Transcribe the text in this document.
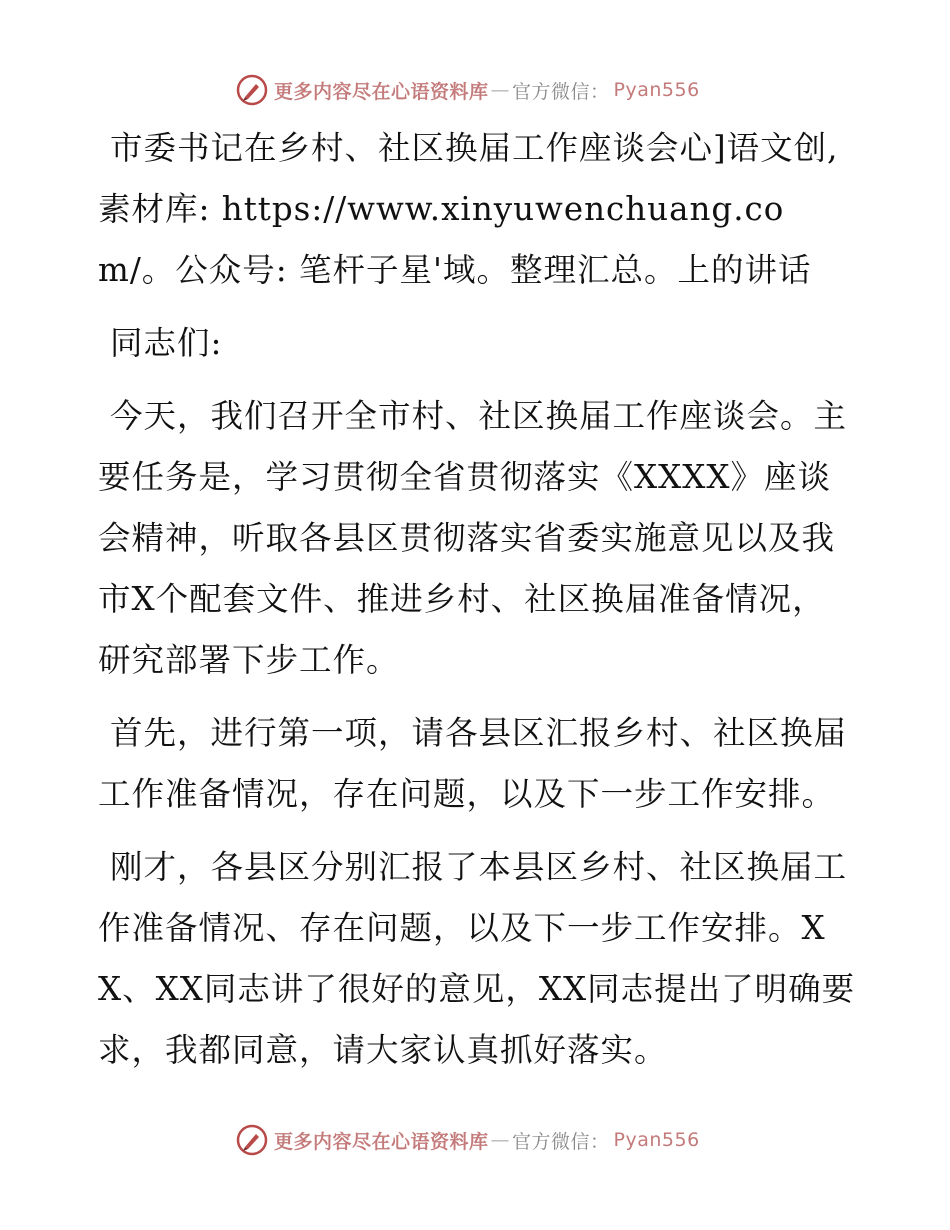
更多内容尽在心语资料库 — 官方微信： Pyan556

市委书记在乡村、社区换届工作座谈会心]语文创,素材库: https://www.xinyuwenchuang.com/。公众号: 笔杆子星'域。整理汇总。上的讲话

同志们:

今天，我们召开全市村、社区换届工作座谈会。主要任务是，学习贯彻全省贯彻落实《XXXX》座谈会精神，听取各县区贯彻落实省委实施意见以及我市X个配套文件、推进乡村、社区换届准备情况，研究部署下步工作。

首先，进行第一项，请各县区汇报乡村、社区换届工作准备情况，存在问题，以及下一步工作安排。

刚才，各县区分别汇报了本县区乡村、社区换届工作准备情况、存在问题，以及下一步工作安排。XX、XX同志讲了很好的意见，XX同志提出了明确要求，我都同意，请大家认真抓好落实。

更多内容尽在心语资料库 — 官方微信： Pyan556
